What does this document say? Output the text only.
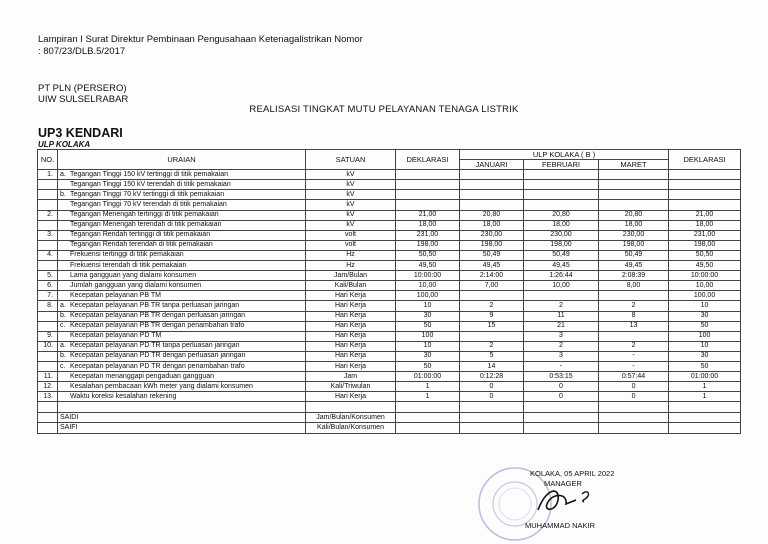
Lampiran I Surat Direktur Pembinaan Pengusahaan Ketenagalistrikan Nomor
: 807/23/DLB.5/2017
PT PLN (PERSERO)
UIW SULSELRABAR
REALISASI TINGKAT MUTU PELAYANAN TENAGA LISTRIK
UP3 KENDARI
ULP KOLAKA
NO.	URAIAN	SATUAN	DEKLARASI	ULP KOLAKA ( B )			DEKLARASI
				JANUARI	FEBRUARI	MARET	
1.	a. Tegangan Tinggi 150 kV tertinggi di titik pemakaian	kV					
	Tegangan Tinggi 150 kV terendah di titik pemakaian	kV					
	b. Tegangan Tinggi 70 kV tertinggi di titik pemakaian	kV					
	Tegangan Tinggi 70 kV terendah di titik pemakaian	kV					
2.	Tegangan Menengah tertinggi di titik pemakaian	kV	21,00	20,80	20,80	20,80	21,00
	Tegangan Menengah terendah di titik pemakaian	kV	18,00	18,00	18,00	18,00	18,00
3.	Tegangan Rendah tertinggi di titik pemakaian	volt	231,00	230,00	230,00	230,00	231,00
	Tegangan Rendah terendah di titik pemakaian	volt	198,00	198,00	198,00	198,00	198,00
4.	Frekuensi tertinggi di titik pemakaian	Hz	50,50	50,49	50,49	50,49	50,50
	Frekuensi terendah di titik pemakaian	Hz	49,50	49,45	49,45	49,45	49,50
5.	Lama gangguan yang dialami konsumen	Jam/Bulan	10:00:00	2:14:00	1:26:44	2:08:39	10:00:00
6.	Jumlah gangguan yang dialami konsumen	Kali/Bulan	10,00	7,00	10,00	8,00	10,00
7.	Kecepatan pelayanan PB TM	Hari Kerja	100,00				100,00
8.	a. Kecepatan pelayanan PB TR tanpa perluasan jaringan	Hari Kerja	10	2	2	2	10
	b. Kecepatan pelayanan PB TR dengan perluasan jaringan	Hari Kerja	30	9	11	8	30
	c. Kecepatan pelayanan PB TR dengan penambahan trafo	Hari Kerja	50	15	21	13	50
9.	Kecepatan pelayanan PD TM	Hari Kerja	100		3		100
10.	a. Kecepatan pelayanan PD TR tanpa perluasan jaringan	Hari Kerja	10	2	2	2	10
	b. Kecepatan pelayanan PD TR dengan perluasan jaringan	Hari Kerja	30	5	3	-	30
	c. Kecepatan pelayanan PD TR dengan penambahan trafo	Hari Kerja	50	14	-	-	50
11.	Kecepatan menanggapi pengaduan gangguan	Jam	01:00:00	0:12:28	0:53:15	0:57:44	01:00:00
12.	Kesalahan pembacaan kWh meter yang dialami konsumen	Kali/Triwulan	1	0	0	0	1
13.	Waktu koreksi kesalahan rekening	Hari Kerja	1	0	0	0	1

	SAIDI	Jam/Bulan/Konsumen					
	SAIFI	Kali/Bulan/Konsumen					
KOLAKA, 05 APRIL 2022
MANAGER
MUHAMMAD NAKIR
